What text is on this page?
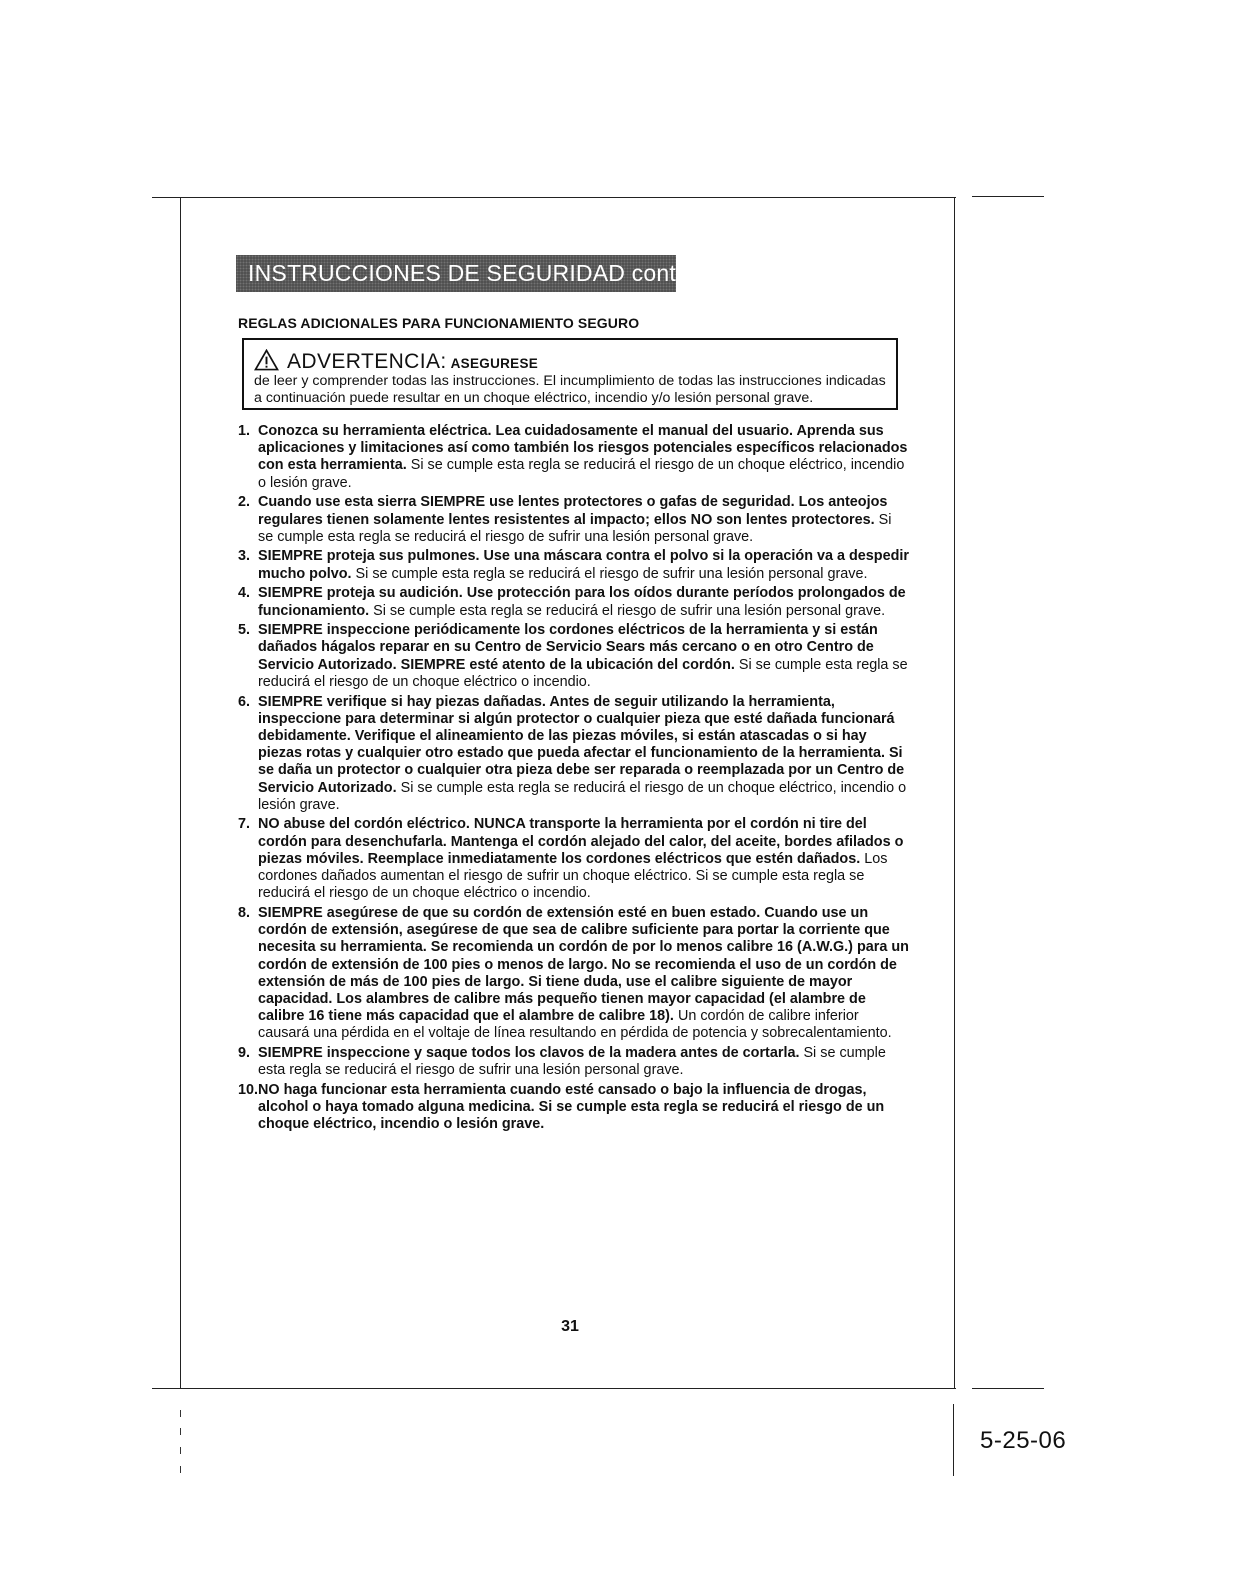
INSTRUCCIONES DE SEGURIDAD cont.
REGLAS ADICIONALES PARA FUNCIONAMIENTO SEGURO
ADVERTENCIA: ASEGURESE
de leer y comprender todas las instrucciones. El incumplimiento de todas las instrucciones indicadas a continuación puede resultar en un choque eléctrico, incendio y/o lesión personal grave.
1. Conozca su herramienta eléctrica. Lea cuidadosamente el manual del usuario. Aprenda sus aplicaciones y limitaciones así como también los riesgos potenciales específicos relacionados con esta herramienta. Si se cumple esta regla se reducirá el riesgo de un choque eléctrico, incendio o lesión grave.
2. Cuando use esta sierra SIEMPRE use lentes protectores o gafas de seguridad. Los anteojos regulares tienen solamente lentes resistentes al impacto; ellos NO son lentes protectores. Si se cumple esta regla se reducirá el riesgo de sufrir una lesión personal grave.
3. SIEMPRE proteja sus pulmones. Use una máscara contra el polvo si la operación va a despedir mucho polvo. Si se cumple esta regla se reducirá el riesgo de sufrir una lesión personal grave.
4. SIEMPRE proteja su audición. Use protección para los oídos durante períodos prolongados de funcionamiento. Si se cumple esta regla se reducirá el riesgo de sufrir una lesión personal grave.
5. SIEMPRE inspeccione periódicamente los cordones eléctricos de la herramienta y si están dañados hágalos reparar en su Centro de Servicio Sears más cercano o en otro Centro de Servicio Autorizado. SIEMPRE esté atento de la ubicación del cordón. Si se cumple esta regla se reducirá el riesgo de un choque eléctrico o incendio.
6. SIEMPRE verifique si hay piezas dañadas. Antes de seguir utilizando la herramienta, inspeccione para determinar si algún protector o cualquier pieza que esté dañada funcionará debidamente. Verifique el alineamiento de las piezas móviles, si están atascadas o si hay piezas rotas y cualquier otro estado que pueda afectar el funcionamiento de la herramienta. Si se daña un protector o cualquier otra pieza debe ser reparada o reemplazada por un Centro de Servicio Autorizado. Si se cumple esta regla se reducirá el riesgo de un choque eléctrico, incendio o lesión grave.
7. NO abuse del cordón eléctrico. NUNCA transporte la herramienta por el cordón ni tire del cordón para desenchufarla. Mantenga el cordón alejado del calor, del aceite, bordes afilados o piezas móviles. Reemplace inmediatamente los cordones eléctricos que estén dañados. Los cordones dañados aumentan el riesgo de sufrir un choque eléctrico. Si se cumple esta regla se reducirá el riesgo de un choque eléctrico o incendio.
8. SIEMPRE asegúrese de que su cordón de extensión esté en buen estado. Cuando use un cordón de extensión, asegúrese de que sea de calibre suficiente para portar la corriente que necesita su herramienta. Se recomienda un cordón de por lo menos calibre 16 (A.W.G.) para un cordón de extensión de 100 pies o menos de largo. No se recomienda el uso de un cordón de extensión de más de 100 pies de largo. Si tiene duda, use el calibre siguiente de mayor capacidad. Los alambres de calibre más pequeño tienen mayor capacidad (el alambre de calibre 16 tiene más capacidad que el alambre de calibre 18). Un cordón de calibre inferior causará una pérdida en el voltaje de línea resultando en pérdida de potencia y sobrecalentamiento.
9. SIEMPRE inspeccione y saque todos los clavos de la madera antes de cortarla. Si se cumple esta regla se reducirá el riesgo de sufrir una lesión personal grave.
10. NO haga funcionar esta herramienta cuando esté cansado o bajo la influencia de drogas, alcohol o haya tomado alguna medicina. Si se cumple esta regla se reducirá el riesgo de un choque eléctrico, incendio o lesión grave.
31
5-25-06
